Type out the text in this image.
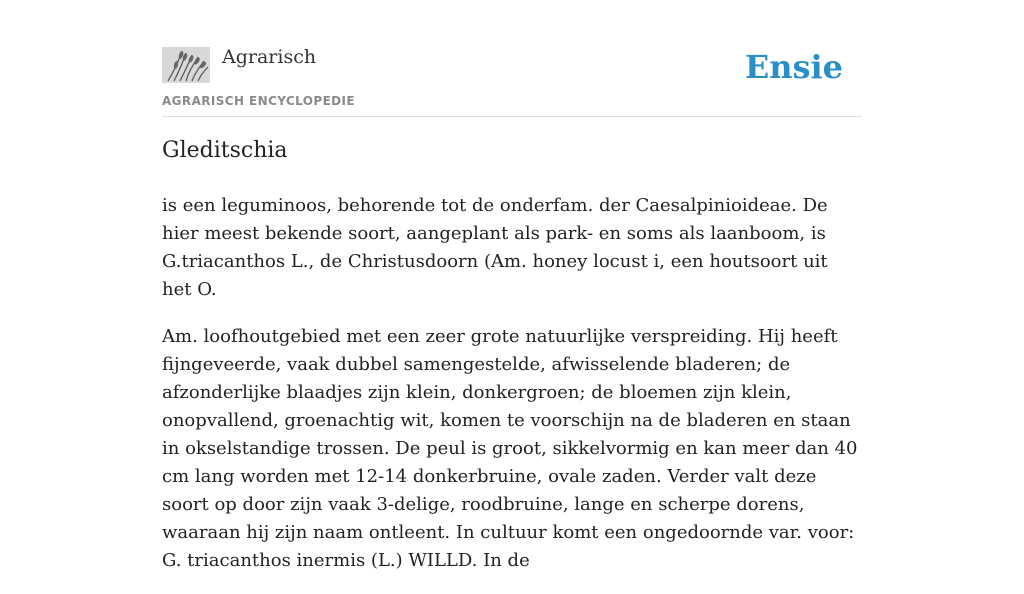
Agrarisch
AGRARISCH ENCYCLOPEDIE
Ensie
Gleditschia

is een leguminoos, behorende tot de onderfam. der Caesalpinioideae. De hier meest bekende soort, aangeplant als park- en soms als laanboom, is G.triacanthos L., de Christusdoorn (Am. honey locust i, een houtsoort uit het O.

Am. loofhoutgebied met een zeer grote natuurlijke verspreiding. Hij heeft fijngeveerde, vaak dubbel samengestelde, afwisselende bladeren; de afzonderlijke blaadjes zijn klein, donkergroen; de bloemen zijn klein, onopvallend, groenachtig wit, komen te voorschijn na de bladeren en staan in okselstandige trossen. De peul is groot, sikkelvormig en kan meer dan 40 cm lang worden met 12-14 donkerbruine, ovale zaden. Verder valt deze soort op door zijn vaak 3-delige, roodbruine, lange en scherpe dorens, waaraan hij zijn naam ontleent. In cultuur komt een ongedoornde var. voor: G. triacanthos inermis (L.) WILLD. In de
